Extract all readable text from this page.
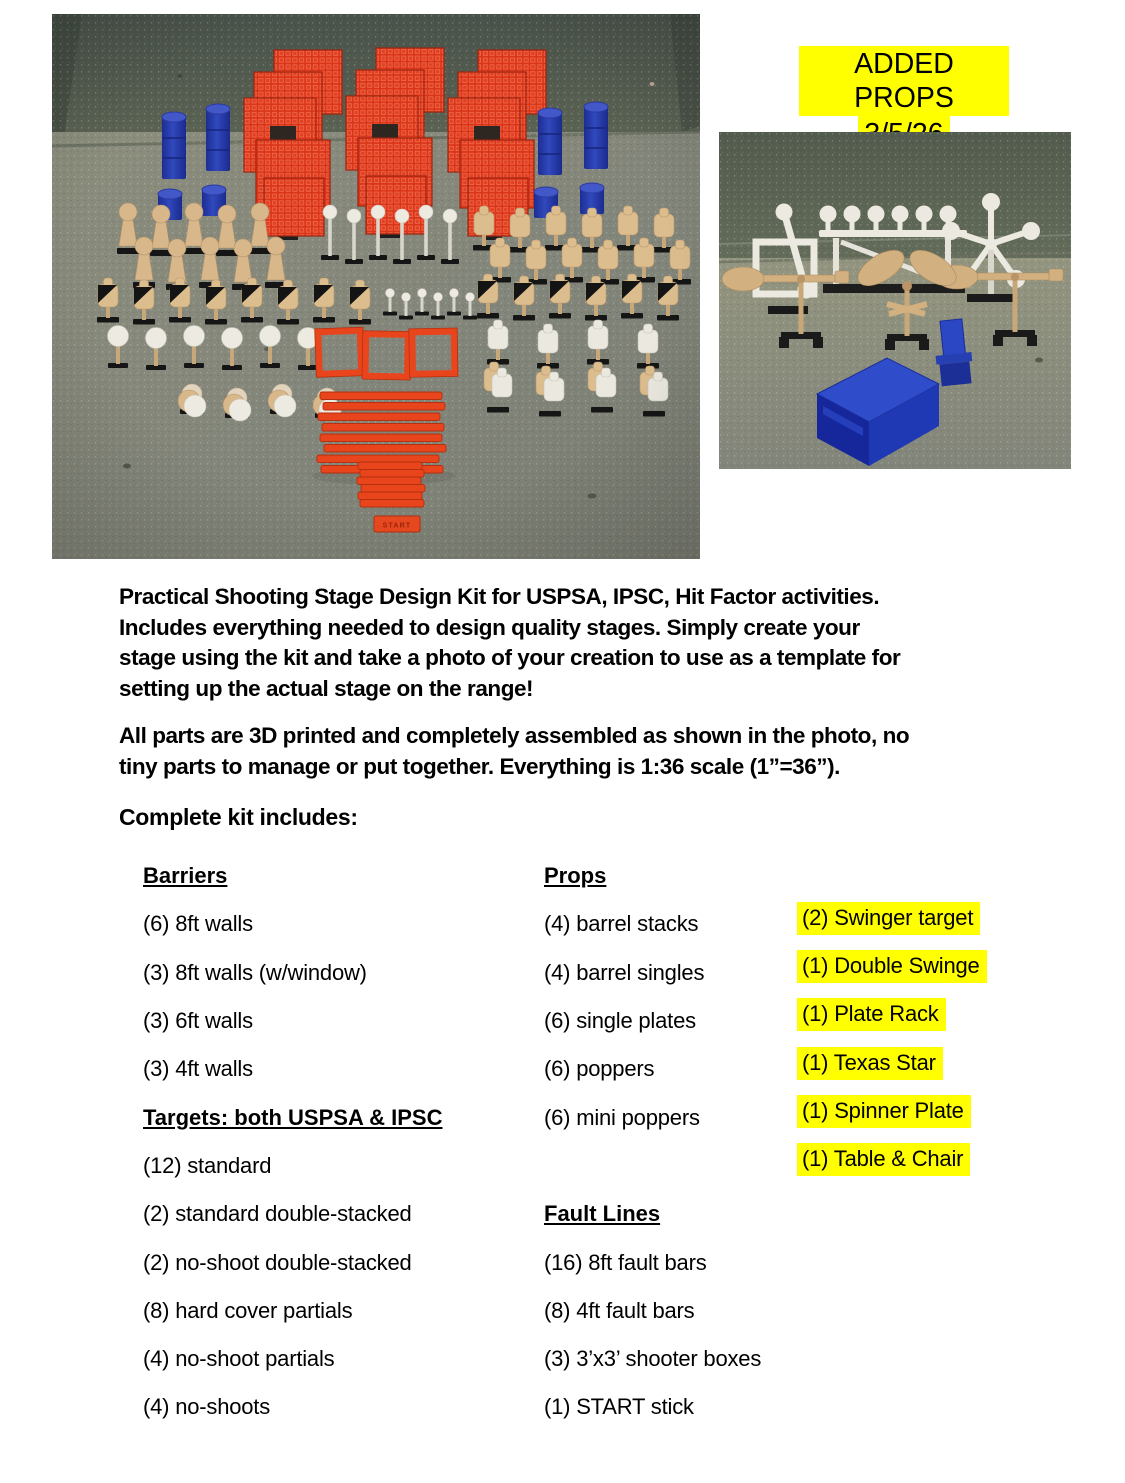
ADDED PROPS
Practical Shooting Stage Design Kit for USPSA, IPSC, Hit Factor activities.
Includes everything needed to design quality stages. Simply create your
stage using the kit and take a photo of your creation to use as a template for
setting up the actual stage on the range!
All parts are 3D printed and completely assembled as shown in the photo, no
tiny parts to manage or put together. Everything is 1:36 scale (1”=36”).
Complete kit includes:
Barriers
(6) 8ft walls
(3) 8ft walls (w/window)
(3) 6ft walls
(3) 4ft walls
Targets: both USPSA & IPSC
(12) standard
(2) standard double-stacked
(2) no-shoot double-stacked
(8) hard cover partials
(4) no-shoot partials
(4) no-shoots
Props
(4) barrel stacks
(4) barrel singles
(6) single plates
(6) poppers
(6) mini poppers
Fault Lines
(16) 8ft fault bars
(8) 4ft fault bars
(3) 3’x3’ shooter boxes
(1) START stick
(2) Swinger target
(1) Double Swinge
(1) Plate Rack
(1) Texas Star
(1) Spinner Plate
(1) Table & Chair
